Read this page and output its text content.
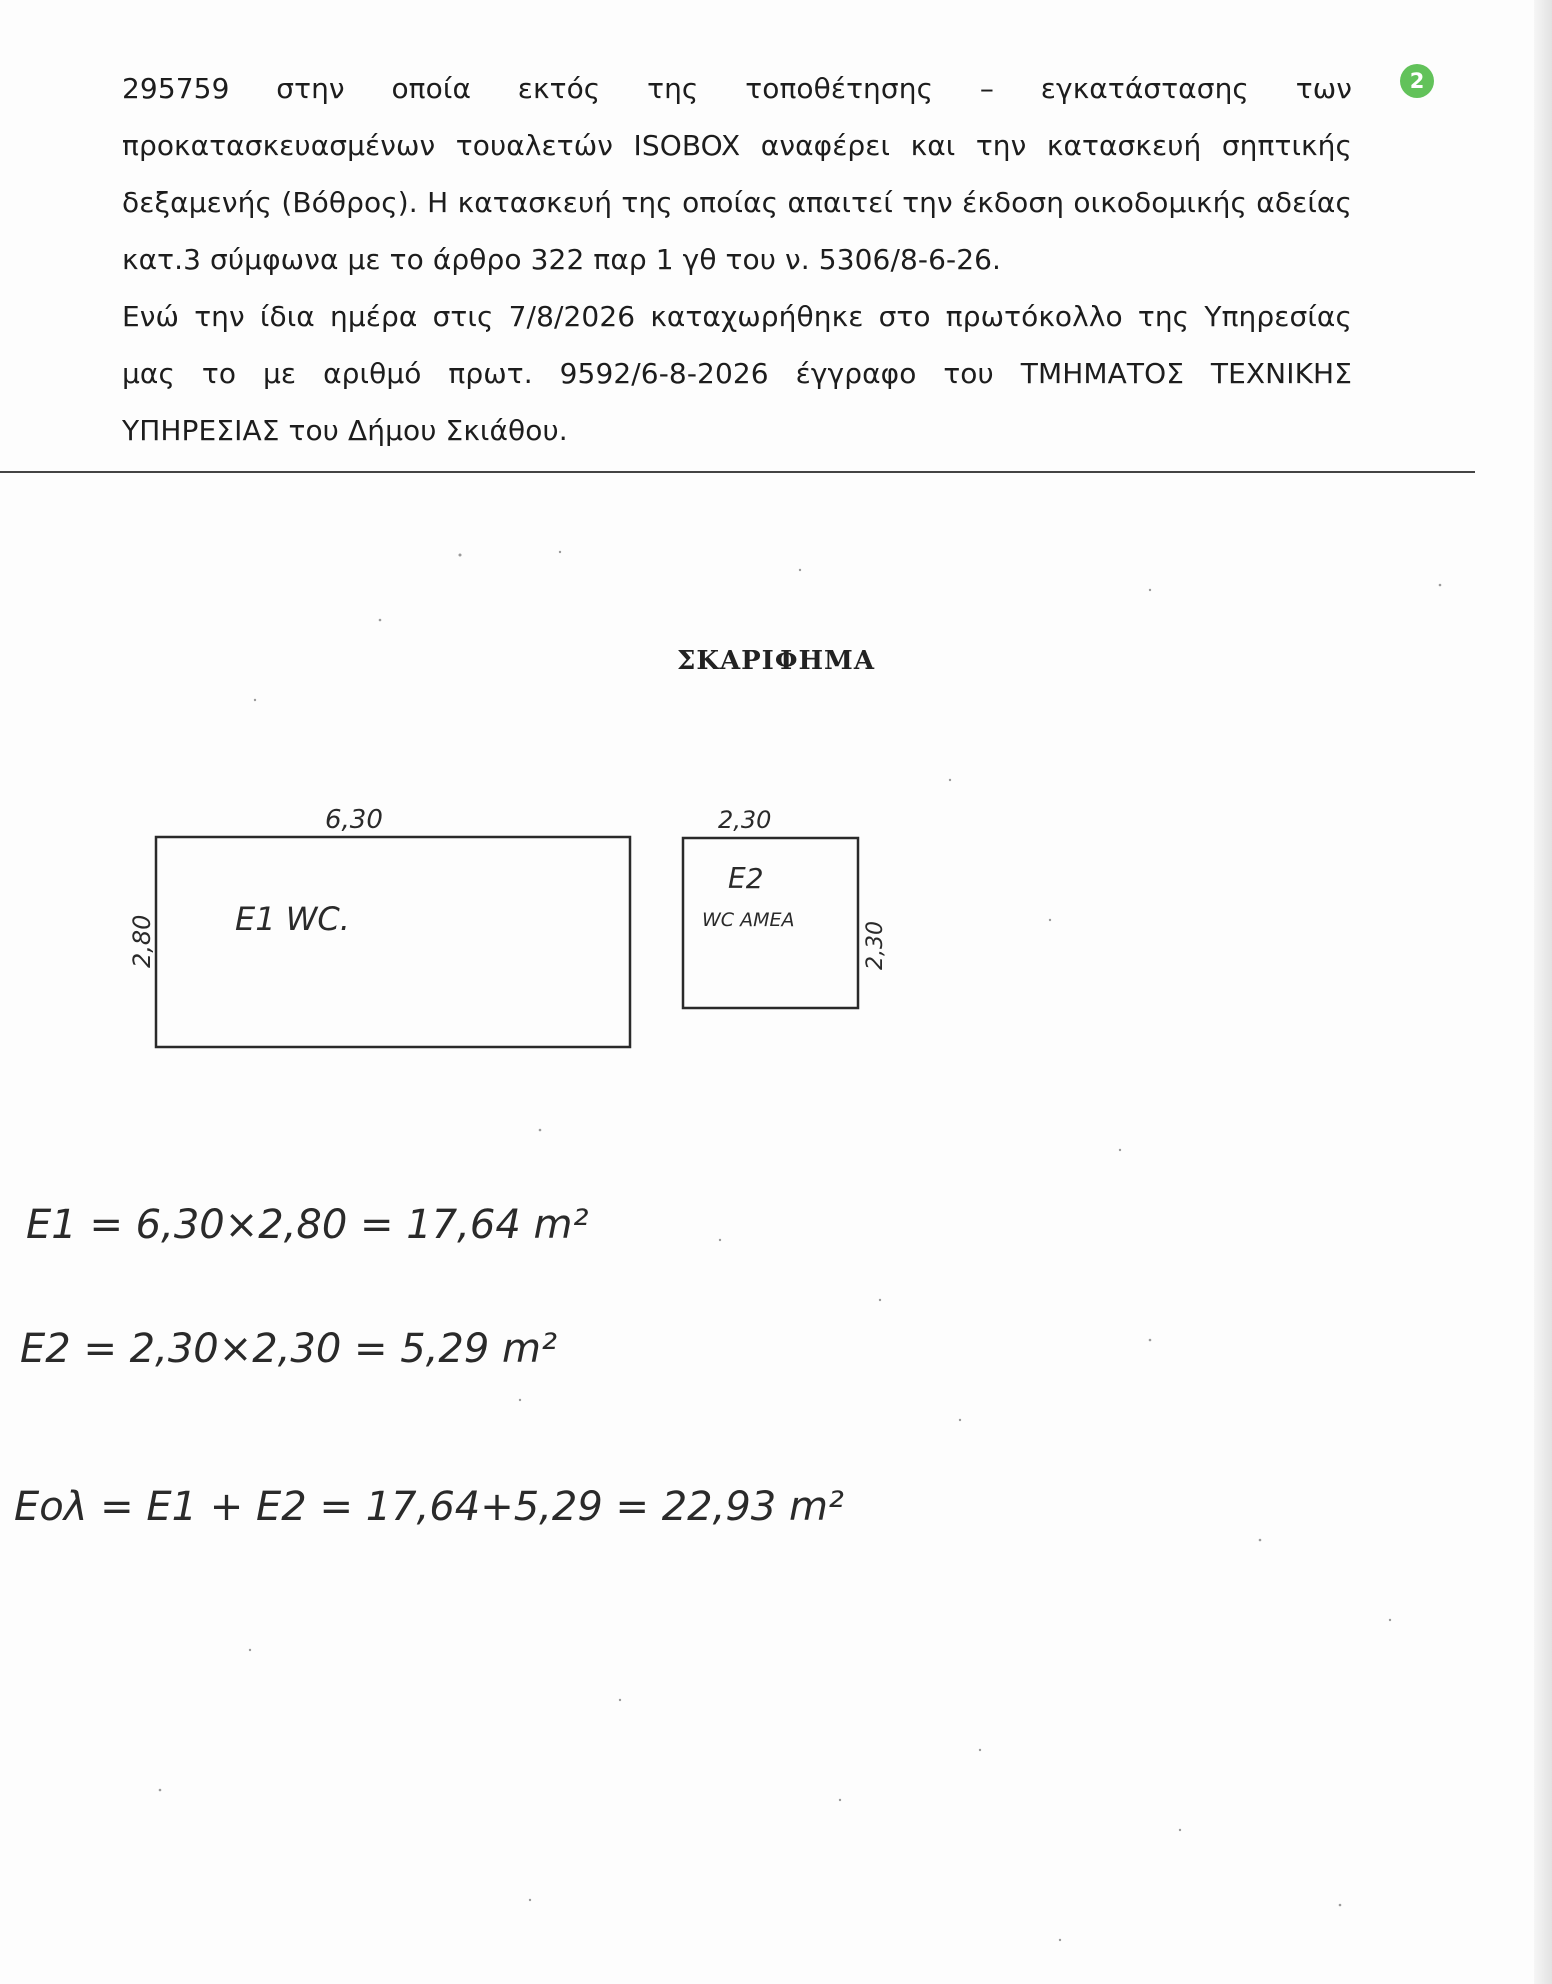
2

295759 στην οποία εκτός της τοποθέτησης – εγκατάστασης των προκατασκευασμένων τουαλετών ISOBOX αναφέρει και την κατασκευή σηπτικής δεξαμενής (Βόθρος). Η κατασκευή της οποίας απαιτεί την έκδοση οικοδομικής αδείας κατ.3 σύμφωνα με το άρθρο 322 παρ 1 γθ του ν. 5306/8-6-26.

Ενώ την ίδια ημέρα στις 7/8/2026 καταχωρήθηκε στο πρωτόκολλο της Υπηρεσίας μας το με αριθμό πρωτ. 9592/6-8-2026 έγγραφο του ΤΜΗΜΑΤΟΣ ΤΕΧΝΙΚΗΣ ΥΠΗΡΕΣΙΑΣ του Δήμου Σκιάθου.

ΣΚΑΡΙΦΗΜΑ
6,30
2,80 Ε1 WC.
2,30
2,30
Ε2
WC ΑΜΕΑ
Ε1 = 6,30×2,80 = 17,64 m²
Ε2 = 2,30×2,30 = 5,29 m²
Εολ = Ε1 + Ε2 = 17,64+5,29 = 22,93 m²
